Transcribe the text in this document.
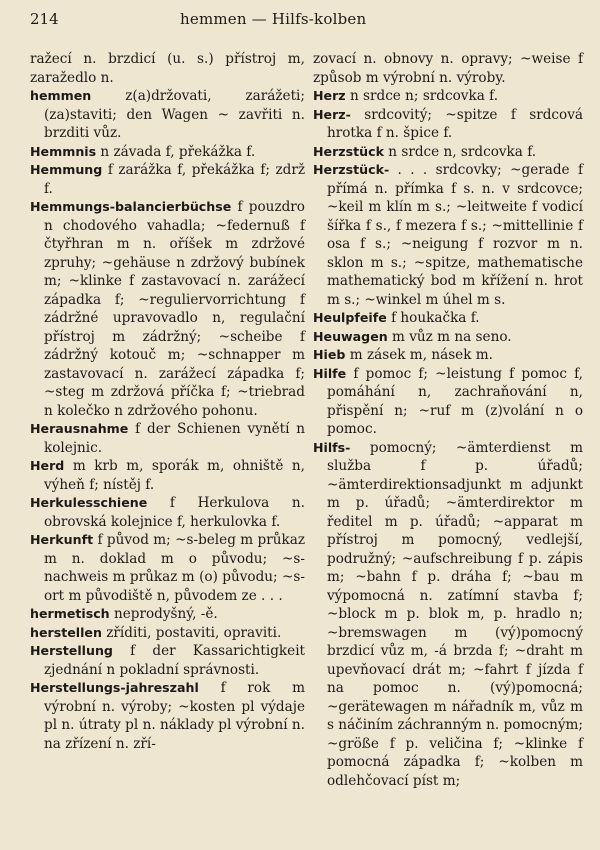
214	hemmen — Hilfs-kolben

ražecí n. brzdicí (u. s.) přístroj m, zaražedlo n.

hemmen z(a)držovati, zarážeti; (za)staviti; den Wagen ~ zavřiti n. brzditi vůz.

Hemmnis n závada f, překážka f.

Hemmung f zarážka f, překážka f; zdrž f.

Hemmungs-balancierbüchse f pouzdro n chodového vahadla; ~federnuß f čtyřhran m n. oříšek m zdržové zpruhy; ~gehäuse n zdržový bubínek m; ~klinke f zastavovací n. zarážecí západka f; ~reguliervorrichtung f zádržné upravovadlo n, regulační přístroj m zádržný; ~scheibe f zádržný kotouč m; ~schnapper m zastavovací n. zarážecí západka f; ~steg m zdržová příčka f; ~triebrad n kolečko n zdržového pohonu.

Herausnahme f der Schienen vynětí n kolejnic.

Herd m krb m, sporák m, ohniště n, výheň f; nístěj f.

Herkulesschiene f Herkulova n. obrovská kolejnice f, herkulovka f.

Herkunft f původ m; ~s-beleg m průkaz m n. doklad m o původu; ~s-nachweis m průkaz m (o) původu; ~s-ort m původiště n, původem ze . . .

hermetisch neprodyšný, -ě.

herstellen zříditi, postaviti, opraviti.

Herstellung f der Kassarichtigkeit zjednání n pokladní správnosti.

Herstellungs-jahreszahl f rok m výrobní n. výroby; ~kosten pl výdaje pl n. útraty pl n. náklady pl výrobní n. na zřízení n. zří-

zovací n. obnovy n. opravy; ~weise f způsob m výrobní n. výroby.

Herz n srdce n; srdcovka f.

Herz- srdcovitý; ~spitze f srdcová hrotka f n. špice f.

Herzstück n srdce n, srdcovka f.

Herzstück- . . . srdcovky; ~gerade f přímá n. přímka f s. n. v srdcovce; ~keil m klín m s.; ~leitweite f vodicí šířka f s., f mezera f s.; ~mittellinie f osa f s.; ~neigung f rozvor m n. sklon m s.; ~spitze, mathematische mathematický bod m křížení n. hrot m s.; ~winkel m úhel m s.

Heulpfeife f houkačka f.

Heuwagen m vůz m na seno.

Hieb m zásek m, násek m.

Hilfe f pomoc f; ~leistung f pomoc f, pomáhání n, zachraňování n, přispění n; ~ruf m (z)volání n o pomoc.

Hilfs- pomocný; ~ämterdienst m služba f p. úřadů; ~ämterdirektionsadjunkt m adjunkt m p. úřadů; ~ämterdirektor m ředitel m p. úřadů; ~apparat m přístroj m pomocný, vedlejší, podružný; ~aufschreibung f p. zápis m; ~bahn f p. dráha f; ~bau m výpomocná n. zatímní stavba f; ~block m p. blok m, p. hradlo n; ~bremswagen m (vý)pomocný brzdicí vůz m, -á brzda f; ~draht m upevňovací drát m; ~fahrt f jízda f na pomoc n. (vý)pomocná; ~gerätewagen m nářadník m, vůz m s náčiním záchranným n. pomocným; ~größe f p. veličina f; ~klinke f pomocná západka f; ~kolben m odlehčovací píst m;
